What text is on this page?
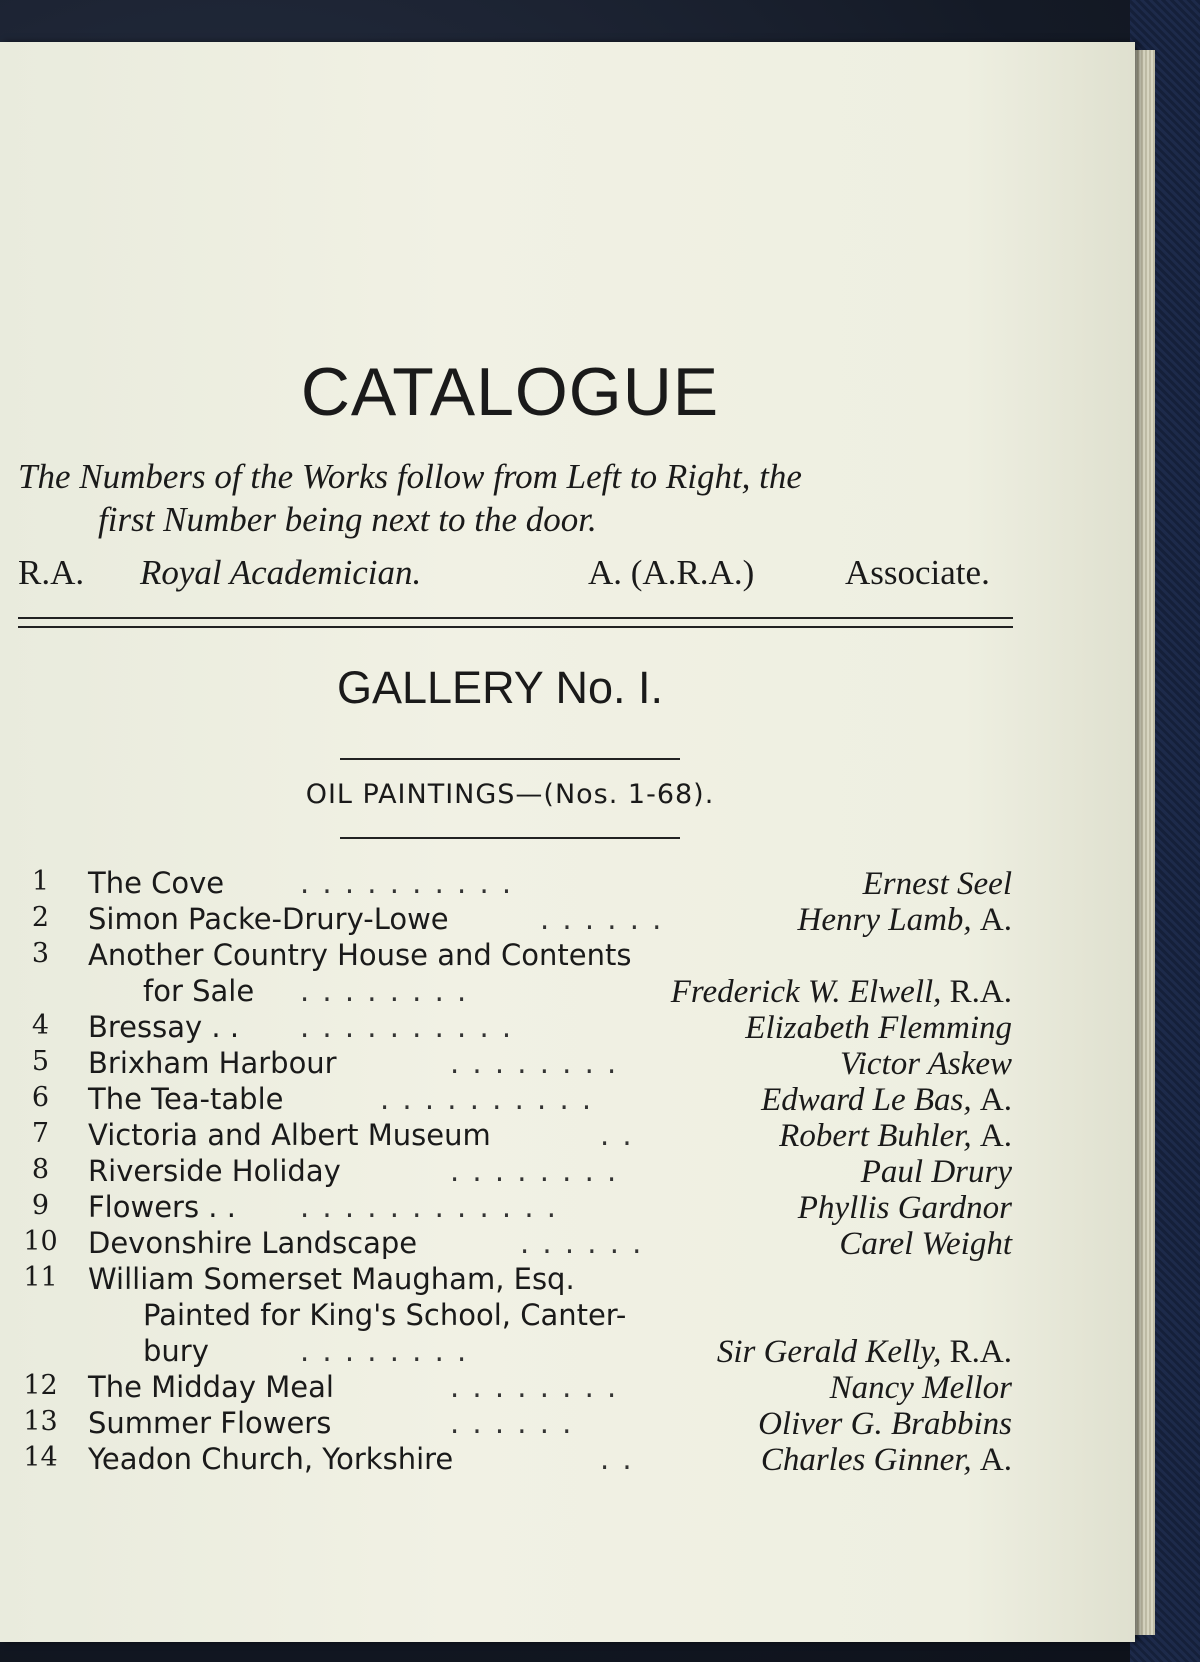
CATALOGUE
The Numbers of the Works follow from Left to Right, the
first Number being next to the door.
R.A. Royal Academician.	A. (A.R.A.)	Associate.
GALLERY No. I.
OIL PAINTINGS—(Nos. 1-68).
1	The Cove	. . . . . . . . . .	Ernest Seel
2	Simon Packe-Drury-Lowe	. . . . . .	Henry Lamb, A.
3	Another Country House and Contents
for Sale . . . . . . . .	Frederick W. Elwell, R.A.
4	Bressay . . . . . . . . . . . .	Elizabeth Flemming
5	Brixham Harbour	. . . . . . . .	Victor Askew
6	The Tea-table	. . . . . . . . . .	Edward Le Bas, A.
7	Victoria and Albert Museum	. .	Robert Buhler, A.
8	Riverside Holiday	. . . . . . . .	Paul Drury
9	Flowers . . . . . . . . . . . . . .	Phyllis Gardnor
10 Devonshire Landscape	. . . . . .	Carel Weight
11 William Somerset Maugham, Esq.
Painted for King's School, Canter-
bury	. . . . . . . .	Sir Gerald Kelly, R.A.
12 The Midday Meal	. . . . . . . .	Nancy Mellor
13 Summer Flowers	. . . . . .	Oliver G. Brabbins
14 Yeadon Church, Yorkshire	. .	Charles Ginner, A.
